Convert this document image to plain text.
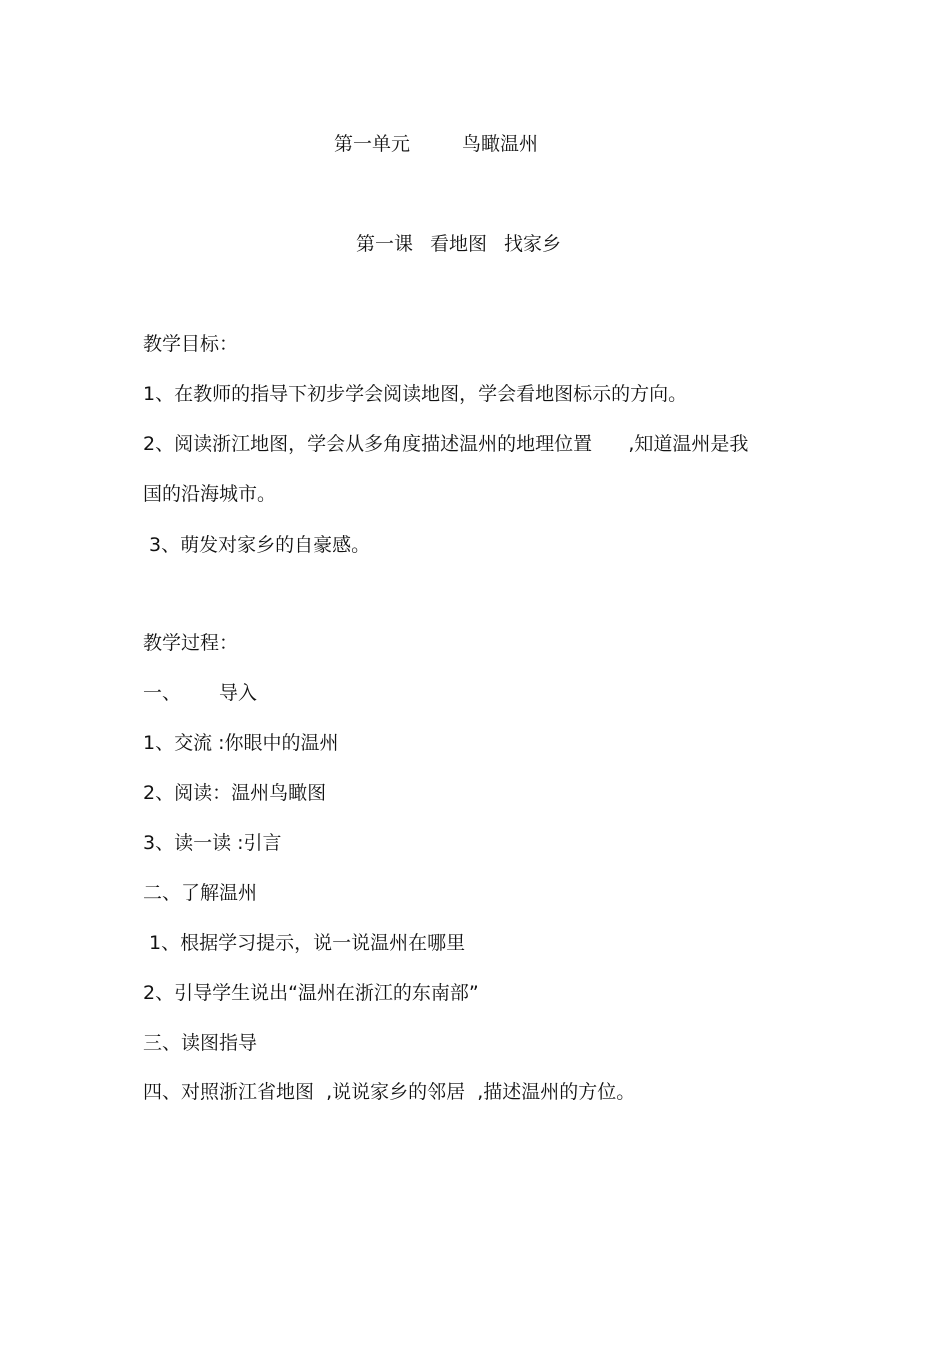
第一单元	鸟瞰温州
第一课 看地图 找家乡
教学目标：
1、在教师的指导下初步学会阅读地图，学会看地图标示的方向。
2、阅读浙江地图，学会从多角度描述温州的地理位置      ,知道温州是我
国的沿海城市。
3、萌发对家乡的自豪感。
教学过程：
一、 导入
1、交流 :你眼中的温州
2、阅读：温州鸟瞰图
3、读一读 :引言
二、了解温州
1、根据学习提示，说一说温州在哪里
2、引导学生说出“温州在浙江的东南部”
三、读图指导
四、对照浙江省地图  ,说说家乡的邻居  ,描述温州的方位。
